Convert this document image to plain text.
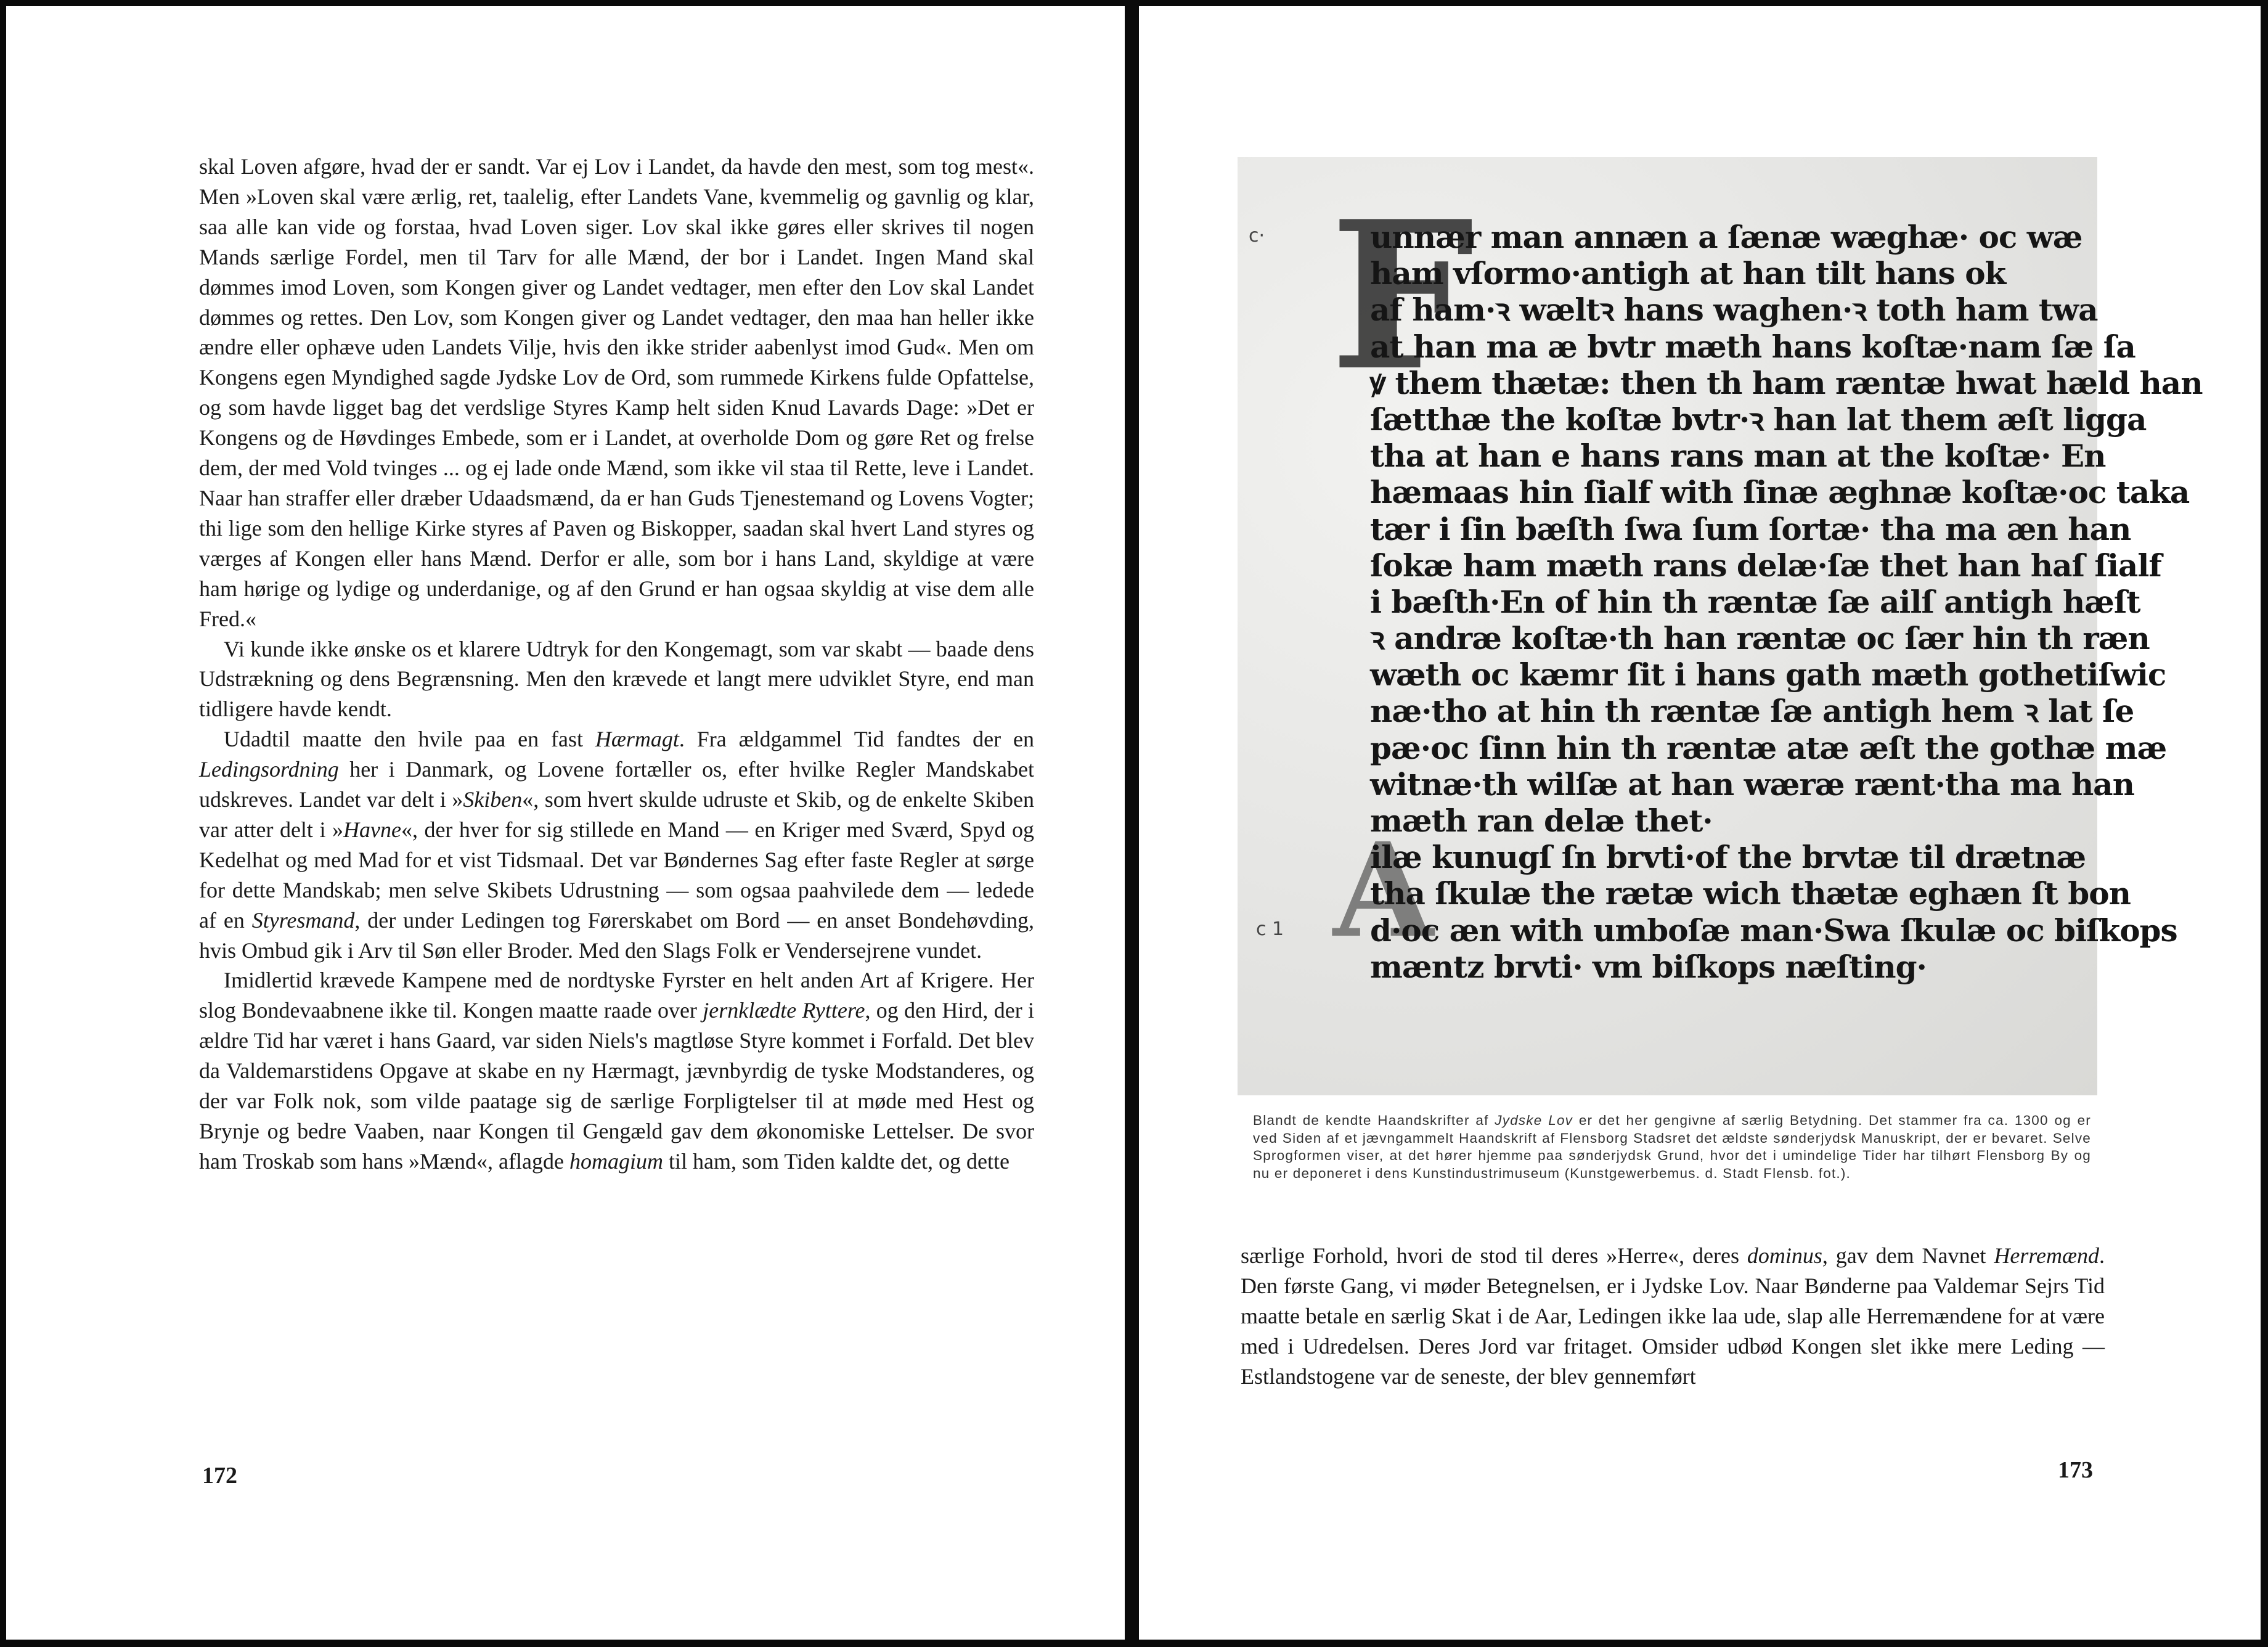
skal Loven afgøre, hvad der er sandt. Var ej Lov i Landet, da havde den mest, som tog mest«. Men »Loven skal være ærlig, ret, taalelig, efter Landets Vane, kvemmelig og gavnlig og klar, saa alle kan vide og forstaa, hvad Loven siger. Lov skal ikke gøres eller skrives til nogen Mands særlige Fordel, men til Tarv for alle Mænd, der bor i Landet. Ingen Mand skal dømmes imod Loven, som Kongen giver og Landet vedtager, men efter den Lov skal Landet dømmes og rettes. Den Lov, som Kongen giver og Landet vedtager, den maa han heller ikke ændre eller ophæve uden Landets Vilje, hvis den ikke strider aabenlyst imod Gud«. Men om Kongens egen Myndighed sagde Jydske Lov de Ord, som rummede Kirkens fulde Opfattelse, og som havde ligget bag det verdslige Styres Kamp helt siden Knud Lavards Dage: »Det er Kongens og de Høvdinges Embede, som er i Landet, at overholde Dom og gøre Ret og frelse dem, der med Vold tvinges ... og ej lade onde Mænd, som ikke vil staa til Rette, leve i Landet. Naar han straffer eller dræber Udaadsmænd, da er han Guds Tjenestemand og Lovens Vogter; thi lige som den hellige Kirke styres af Paven og Biskopper, saadan skal hvert Land styres og værges af Kongen eller hans Mænd. Derfor er alle, som bor i hans Land, skyldige at være ham hørige og lydige og underdanige, og af den Grund er han ogsaa skyldig at vise dem alle Fred.«

Vi kunde ikke ønske os et klarere Udtryk for den Kongemagt, som var skabt — baade dens Udstrækning og dens Begrænsning. Men den krævede et langt mere udviklet Styre, end man tidligere havde kendt.

Udadtil maatte den hvile paa en fast Hærmagt. Fra ældgammel Tid fandtes der en Ledingsordning her i Danmark, og Lovene fortæller os, efter hvilke Regler Mandskabet udskreves. Landet var delt i »Skiben«, som hvert skulde udruste et Skib, og de enkelte Skiben var atter delt i »Havne«, der hver for sig stillede en Mand — en Kriger med Sværd, Spyd og Kedelhat og med Mad for et vist Tidsmaal. Det var Bøndernes Sag efter faste Regler at sørge for dette Mandskab; men selve Skibets Udrustning — som ogsaa paahvilede dem — ledede af en Styresmand, der under Ledingen tog Førerskabet om Bord — en anset Bondehøvding, hvis Ombud gik i Arv til Søn eller Broder. Med den Slags Folk er Vendersejrene vundet.

Imidlertid krævede Kampene med de nordtyske Fyrster en helt anden Art af Krigere. Her slog Bondevaabnene ikke til. Kongen maatte raade over jernklædte Ryttere, og den Hird, der i ældre Tid har været i hans Gaard, var siden Niels's magtløse Styre kommet i Forfald. Det blev da Valdemarstidens Opgave at skabe en ny Hærmagt, jævnbyrdig de tyske Modstanderes, og der var Folk nok, som vilde paatage sig de særlige Forpligtelser til at møde med Hest og Brynje og bedre Vaaben, naar Kongen til Gengæld gav dem økonomiske Lettelser. De svor ham Troskab som hans »Mænd«, aflagde homagium til ham, som Tiden kaldte det, og dette

172
c·
c 1
F
A
unnær man annæn a ſænæ wæghæ· oc wæ
ham vſormo·antigh at han tilt hans ok
af ham·ꝛ wæltꝛ hans waghen·ꝛ toth ham twa
at han ma æ bvtr mæth hans koſtæ·nam ſæ ſa
ꝟ them thætæ: then th ham ræntæ hwat hæld han
ſætthæ the koſtæ bvtr·ꝛ han lat them æſt ligga
tha at han e hans rans man at the koſtæ· En
hæmaas hin ſialf with ſinæ æghnæ koſtæ·oc taka
tær i ſin bæſth ſwa ſum ſortæ· tha ma æn han
ſokæ ham mæth rans delæ·ſæ thet han haſ ſialf
i bæſth·En of hin th ræntæ ſæ ailſ antigh hæſt
ꝛ andræ koſtæ·th han ræntæ oc ſær hin th ræn
wæth oc kæmr ſit i hans gath mæth gothetiſwic
næ·tho at hin th ræntæ ſæ antigh hem ꝛ lat ſe
pæ·oc ſinn hin th ræntæ atæ æſt the gothæ mæ
witnæ·th wilſæ at han wæræ rænt·tha ma han
mæth ran delæ thet·
ilæ kunugſ ſn brvti·of the brvtæ til drætnæ
tha ſkulæ the rætæ wich thætæ eghæn ſt bon
d·oc æn with umboſæ man·Swa ſkulæ oc biſkops
mæntz brvti· vm biſkops næſting·
Blandt de kendte Haandskrifter af Jydske Lov er det her gengivne af særlig Betydning. Det stammer fra ca. 1300 og er ved Siden af et jævngammelt Haandskrift af Flensborg Stadsret det ældste sønderjydsk Manuskript, der er bevaret. Selve Sprogformen viser, at det hører hjemme paa sønderjydsk Grund, hvor det i umindelige Tider har tilhørt Flensborg By og nu er deponeret i dens Kunstindustrimuseum (Kunstgewerbemus. d. Stadt Flensb. fot.).

særlige Forhold, hvori de stod til deres »Herre«, deres dominus, gav dem Navnet Herremænd. Den første Gang, vi møder Betegnelsen, er i Jydske Lov. Naar Bønderne paa Valdemar Sejrs Tid maatte betale en særlig Skat i de Aar, Ledingen ikke laa ude, slap alle Herremændene for at være med i Udredelsen. Deres Jord var fritaget. Omsider udbød Kongen slet ikke mere Leding — Estlandstogene var de seneste, der blev gennemført

173
